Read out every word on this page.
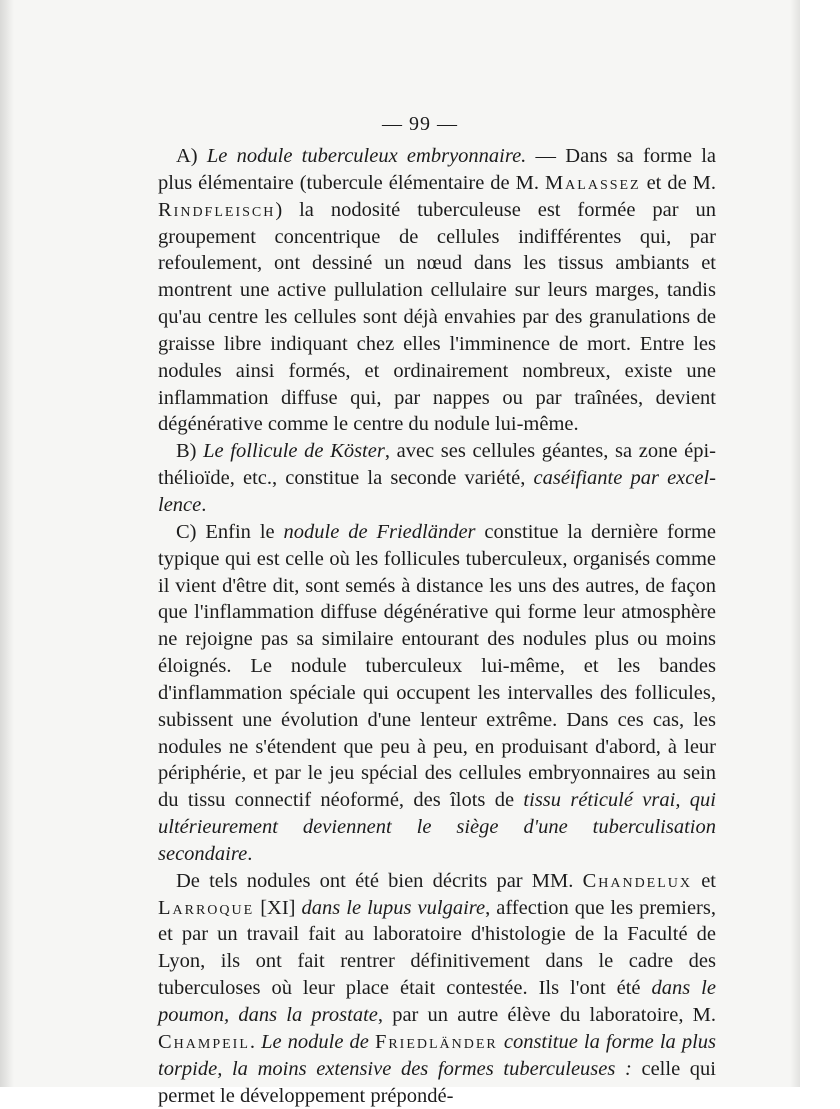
— 99 —

A) Le nodule tuberculeux embryonnaire. — Dans sa forme la plus élémentaire (tubercule élémentaire de M. Malassez et de M. Rindfleisch) la nodosité tuberculeuse est formée par un groupement concentrique de cellules indifférentes qui, par refoulement, ont dessiné un nœud dans les tissus ambiants et montrent une active pullulation cellulaire sur leurs marges, tandis qu'au centre les cellules sont déjà envahies par des granulations de graisse libre indiquant chez elles l'imminence de mort. Entre les nodules ainsi formés, et ordinairement nombreux, existe une inflammation diffuse qui, par nappes ou par traînées, devient dégénérative comme le centre du nodule lui-même.

B) Le follicule de Köster, avec ses cellules géantes, sa zone épithélioïde, etc., constitue la seconde variété, caséifiante par excellence.

C) Enfin le nodule de Friedländer constitue la dernière forme typique qui est celle où les follicules tuberculeux, organisés comme il vient d'être dit, sont semés à distance les uns des autres, de façon que l'inflammation diffuse dégénérative qui forme leur atmosphère ne rejoigne pas sa similaire entourant des nodules plus ou moins éloignés. Le nodule tuberculeux lui-même, et les bandes d'inflammation spéciale qui occupent les intervalles des follicules, subissent une évolution d'une lenteur extrême. Dans ces cas, les nodules ne s'étendent que peu à peu, en produisant d'abord, à leur périphérie, et par le jeu spécial des cellules embryonnaires au sein du tissu connectif néoformé, des îlots de tissu réticulé vrai, qui ultérieurement deviennent le siège d'une tuberculisation secondaire.

De tels nodules ont été bien décrits par MM. Chandelux et Larroque [XI] dans le lupus vulgaire, affection que les premiers, et par un travail fait au laboratoire d'histologie de la Faculté de Lyon, ils ont fait rentrer définitivement dans le cadre des tuberculoses où leur place était contestée. Ils l'ont été dans le poumon, dans la prostate, par un autre élève du laboratoire, M. Champeil. Le nodule de Friedländer constitue la forme la plus torpide, la moins extensive des formes tuberculeuses : celle qui permet le développement prépondé-
